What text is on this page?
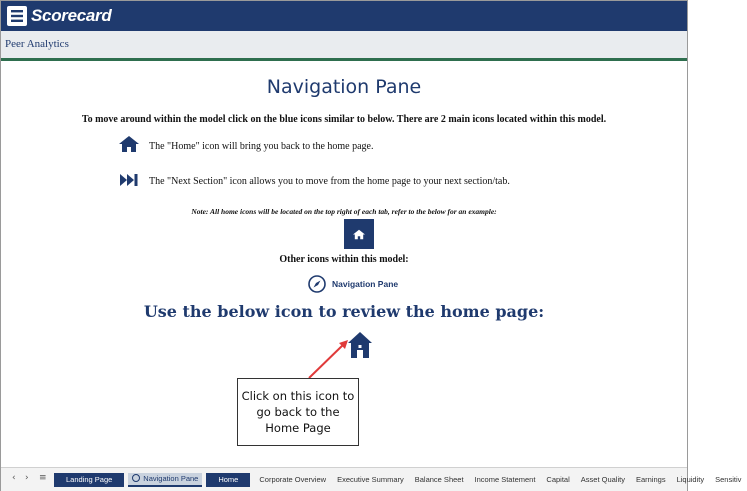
Scorecard
Peer Analytics
Navigation Pane
To move around within the model click on the blue icons similar to below. There are 2 main icons located within this model.
The "Home" icon will bring you back to the home page.
The "Next Section" icon allows you to move from the home page to your next section/tab.
Note: All home icons will be located on the top right of each tab, refer to the below for an example:
Other icons within this model:
Navigation Pane
Use the below icon to review the home page:
Click on this icon to go back to the Home Page
‹ › ≡	Landing Page	Navigation Pane	Home	Corporate Overview	Executive Summary	Balance Sheet	Income Statement	Capital	Asset Quality	Earnings	Liquidity	Sensitiv
